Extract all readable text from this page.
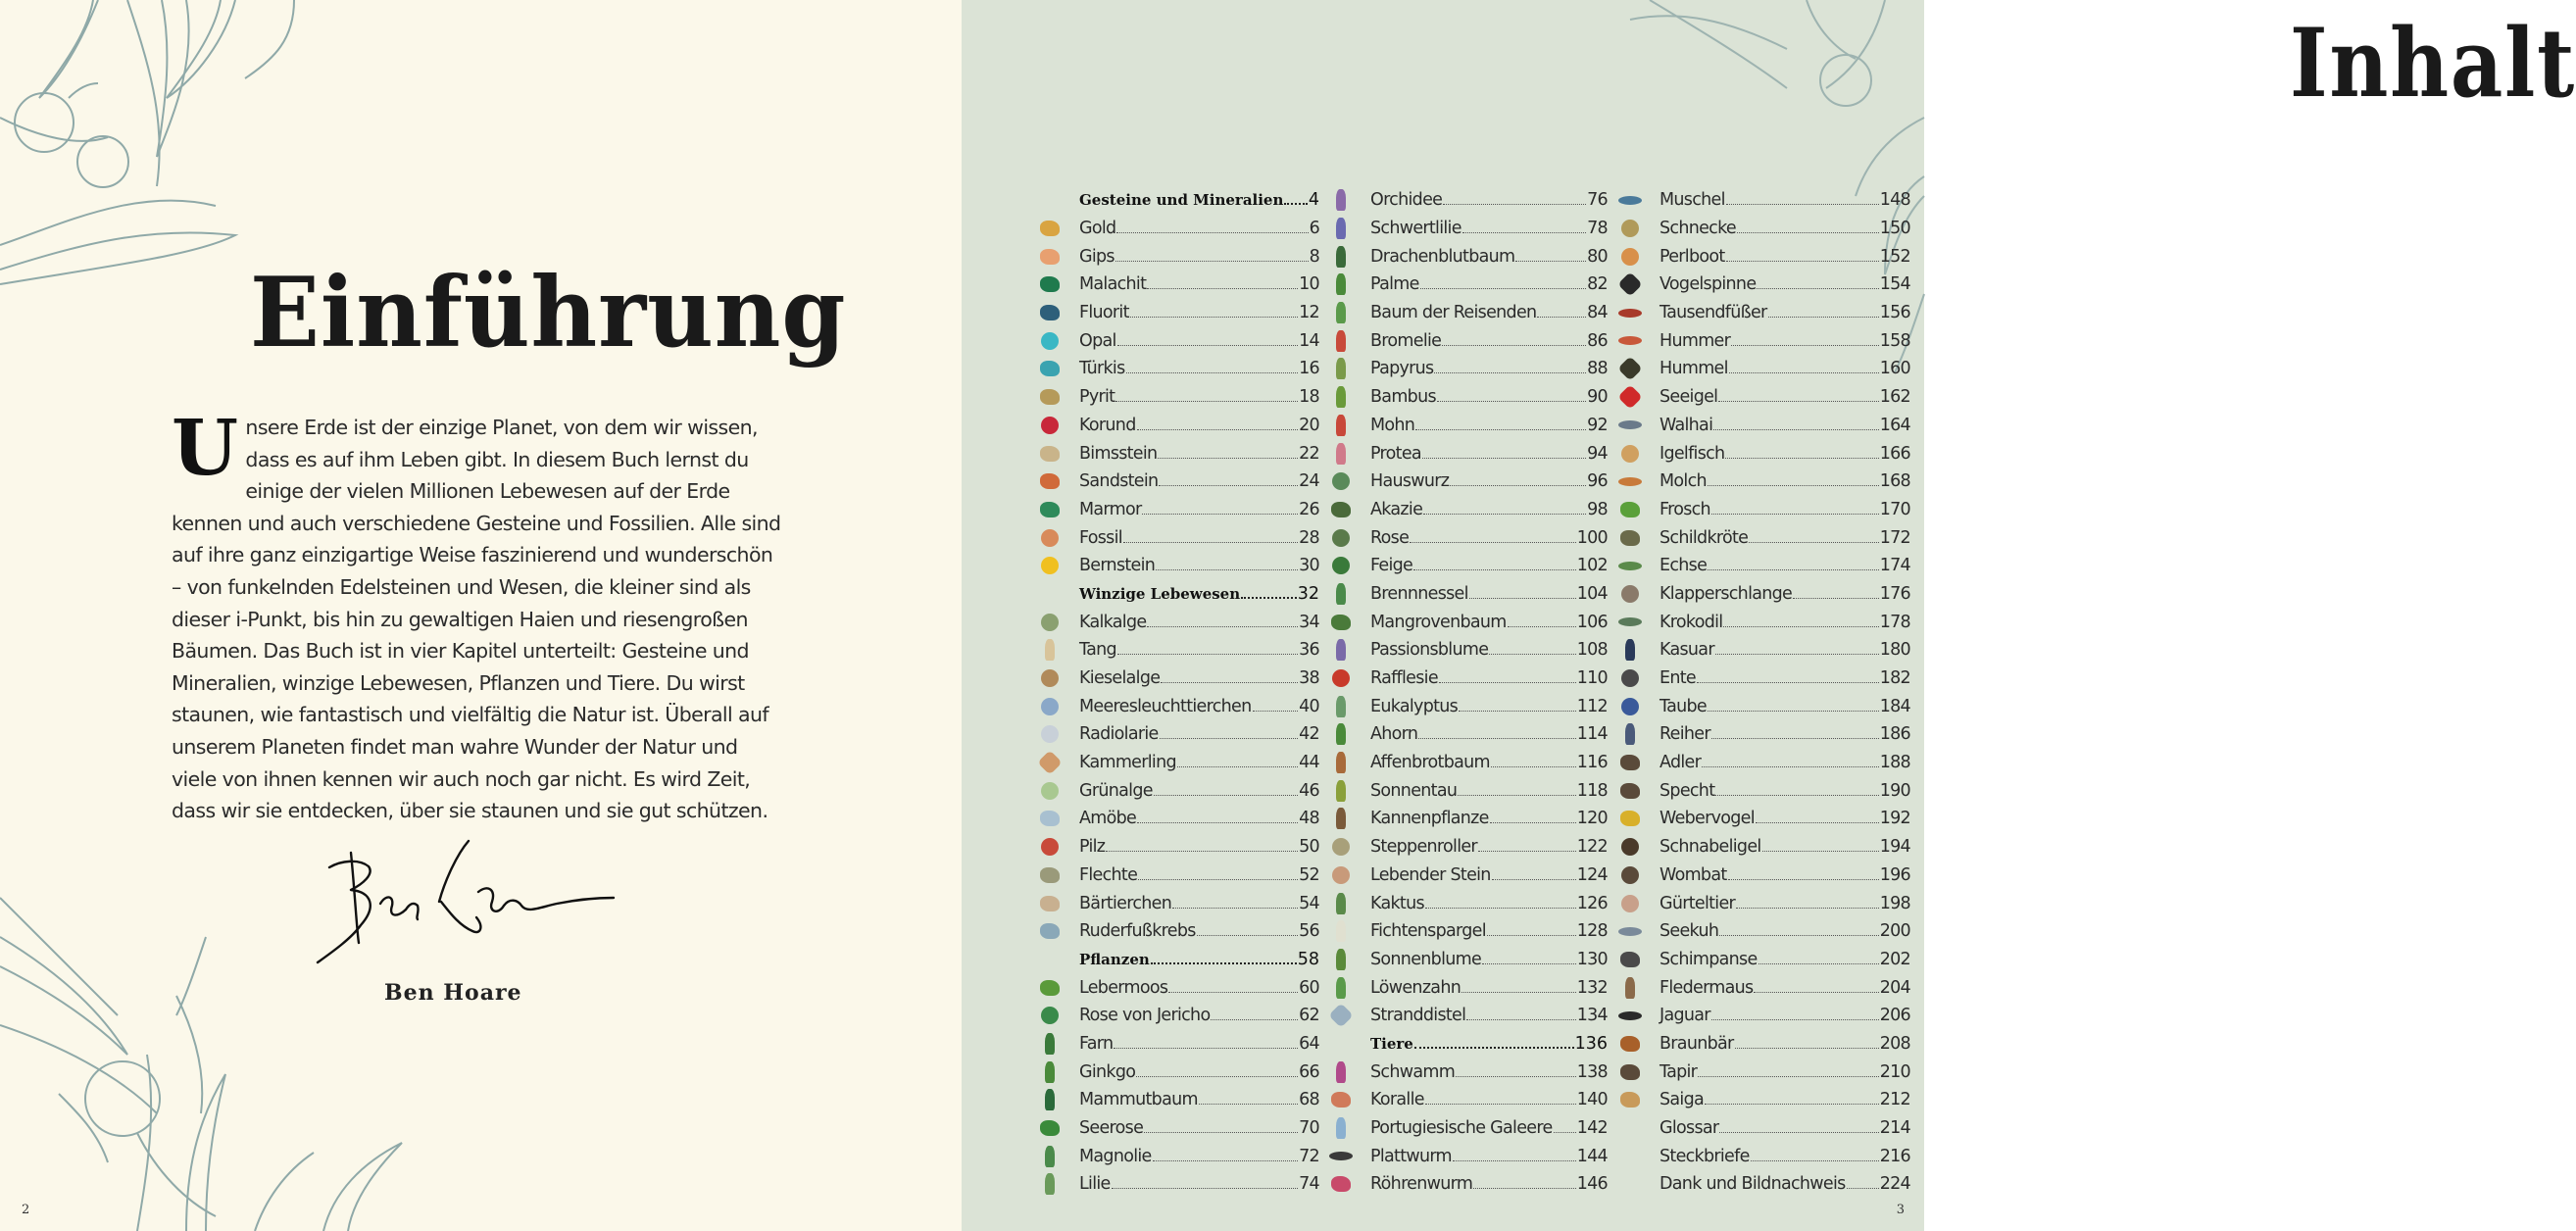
Einführung
Unsere Erde ist der einzige Planet, von dem wir wissen, dass es auf ihm Leben gibt. In diesem Buch lernst du einige der vielen Millionen Lebewesen auf der Erde kennen und auch verschiedene Gesteine und Fossilien. Alle sind auf ihre ganz einzigartige Weise faszinierend und wunderschön – von funkelnden Edelsteinen und Wesen, die kleiner sind als dieser i-Punkt, bis hin zu gewaltigen Haien und riesengroßen Bäumen. Das Buch ist in vier Kapitel unterteilt: Gesteine und Mineralien, winzige Lebewesen, Pflanzen und Tiere. Du wirst staunen, wie fantastisch und vielfältig die Natur ist. Überall auf unserem Planeten findet man wahre Wunder der Natur und viele von ihnen kennen wir auch noch gar nicht. Es wird Zeit, dass wir sie entdecken, über sie staunen und sie gut schützen.
Ben Hoare
2
Inhalt
Gesteine und Mineralien 4
Gold	6
Gips	8
Malachit	10
Fluorit	12
Opal	14
Türkis	16
Pyrit	18
Korund	20
Bimsstein	22
Sandstein	24
Marmor	26
Fossil	28
Bernstein	30
Winzige Lebewesen	32
Kalkalge	34
Tang	36
Kieselalge	38
Meeresleuchttierchen	40
Radiolarie	42
Kammerling	44
Grünalge	46
Amöbe	48
Pilz	50
Flechte	52
Bärtierchen	54
Ruderfußkrebs	56
Pflanzen	58
Lebermoos	60
Rose von Jericho	62
Farn	64
Ginkgo	66
Mammutbaum	68
Seerose	70
Magnolie	72
Lilie	74
Orchidee	76
Schwertlilie	78
Drachenblutbaum	80
Palme	82
Baum der Reisenden	84
Bromelie	86
Papyrus	88
Bambus	90
Mohn	92
Protea	94
Hauswurz	96
Akazie	98
Rose	100
Feige	102
Brennnessel	104
Mangrovenbaum	106
Passionsblume	108
Rafflesie	110
Eukalyptus	112
Ahorn	114
Affenbrotbaum	116
Sonnentau	118
Kannenpflanze	120
Steppenroller	122
Lebender Stein	124
Kaktus	126
Fichtenspargel	128
Sonnenblume	130
Löwenzahn	132
Stranddistel	134
Tiere	136
Schwamm	138
Koralle	140
Portugiesische Galeere 142
Plattwurm	144
Röhrenwurm	146
Muschel	148
Schnecke	150
Perlboot	152
Vogelspinne	154
Tausendfüßer	156
Hummer	158
Hummel	160
Seeigel	162
Walhai	164
Igelfisch	166
Molch	168
Frosch	170
Schildkröte	172
Echse	174
Klapperschlange	176
Krokodil	178
Kasuar	180
Ente	182
Taube	184
Reiher	186
Adler	188
Specht	190
Webervogel	192
Schnabeligel	194
Wombat	196
Gürteltier	198
Seekuh	200
Schimpanse	202
Fledermaus	204
Jaguar	206
Braunbär	208
Tapir	210
Saiga	212
Glossar	214
Steckbriefe	216
Dank und Bildnachweis 224
3
